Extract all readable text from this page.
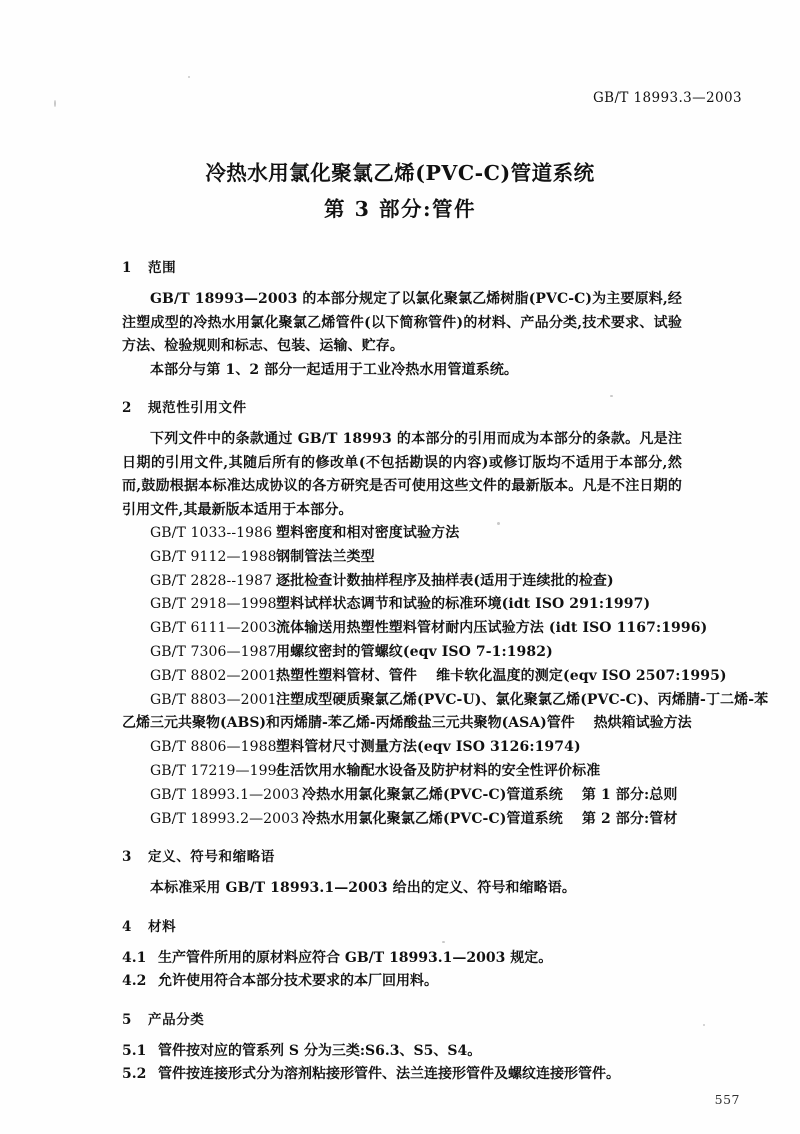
GB/T 18993.3—2003
冷热水用氯化聚氯乙烯(PVC-C)管道系统
第 3 部分:管件
1 范围

GB/T 18993—2003 的本部分规定了以氯化聚氯乙烯树脂(PVC-C)为主要原料,经注塑成型的冷热水用氯化聚氯乙烯管件(以下简称管件)的材料、产品分类,技术要求、试验方法、检验规则和标志、包装、运输、贮存。

本部分与第 1、2 部分一起适用于工业冷热水用管道系统。

2 规范性引用文件

下列文件中的条款通过 GB/T 18993 的本部分的引用而成为本部分的条款。凡是注日期的引用文件,其随后所有的修改单(不包括勘误的内容)或修订版均不适用于本部分,然而,鼓励根据本标准达成协议的各方研究是否可使用这些文件的最新版本。凡是不注日期的引用文件,其最新版本适用于本部分。

GB/T 1033--1986 塑料密度和相对密度试验方法

GB/T 9112—1988钢制管法兰类型

GB/T 2828--1987 逐批检查计数抽样程序及抽样表(适用于连续批的检查)

GB/T 2918—1998塑料试样状态调节和试验的标准环境(idt ISO 291:1997)

GB/T 6111—2003流体输送用热塑性塑料管材耐内压试验方法 (idt ISO 1167:1996)

GB/T 7306—1987用螺纹密封的管螺纹(eqv ISO 7-1:1982)

GB/T 8802—2001热塑性塑料管材、管件　 维卡软化温度的测定(eqv ISO 2507:1995)

GB/T 8803—2001注塑成型硬质聚氯乙烯(PVC-U)、氯化聚氯乙烯(PVC-C)、丙烯腈-丁二烯-苯

乙烯三元共聚物(ABS)和丙烯腈-苯乙烯-丙烯酸盐三元共聚物(ASA)管件　 热烘箱试验方法

GB/T 8806—1988塑料管材尺寸测量方法(eqv ISO 3126:1974)

GB/T 17219—1998生活饮用水输配水设备及防护材料的安全性评价标准

GB/T 18993.1—2003 冷热水用氯化聚氯乙烯(PVC-C)管道系统　 第 1 部分:总则

GB/T 18993.2—2003 冷热水用氯化聚氯乙烯(PVC-C)管道系统　 第 2 部分:管材

3 定义、符号和缩略语

本标准采用 GB/T 18993.1—2003 给出的定义、符号和缩略语。

4 材料

4.1 生产管件所用的原材料应符合 GB/T 18993.1—2003 规定。

4.2 允许使用符合本部分技术要求的本厂回用料。

5 产品分类

5.1 管件按对应的管系列 S 分为三类:S6.3、S5、S4。

5.2 管件按连接形式分为溶剂粘接形管件、法兰连接形管件及螺纹连接形管件。

557
